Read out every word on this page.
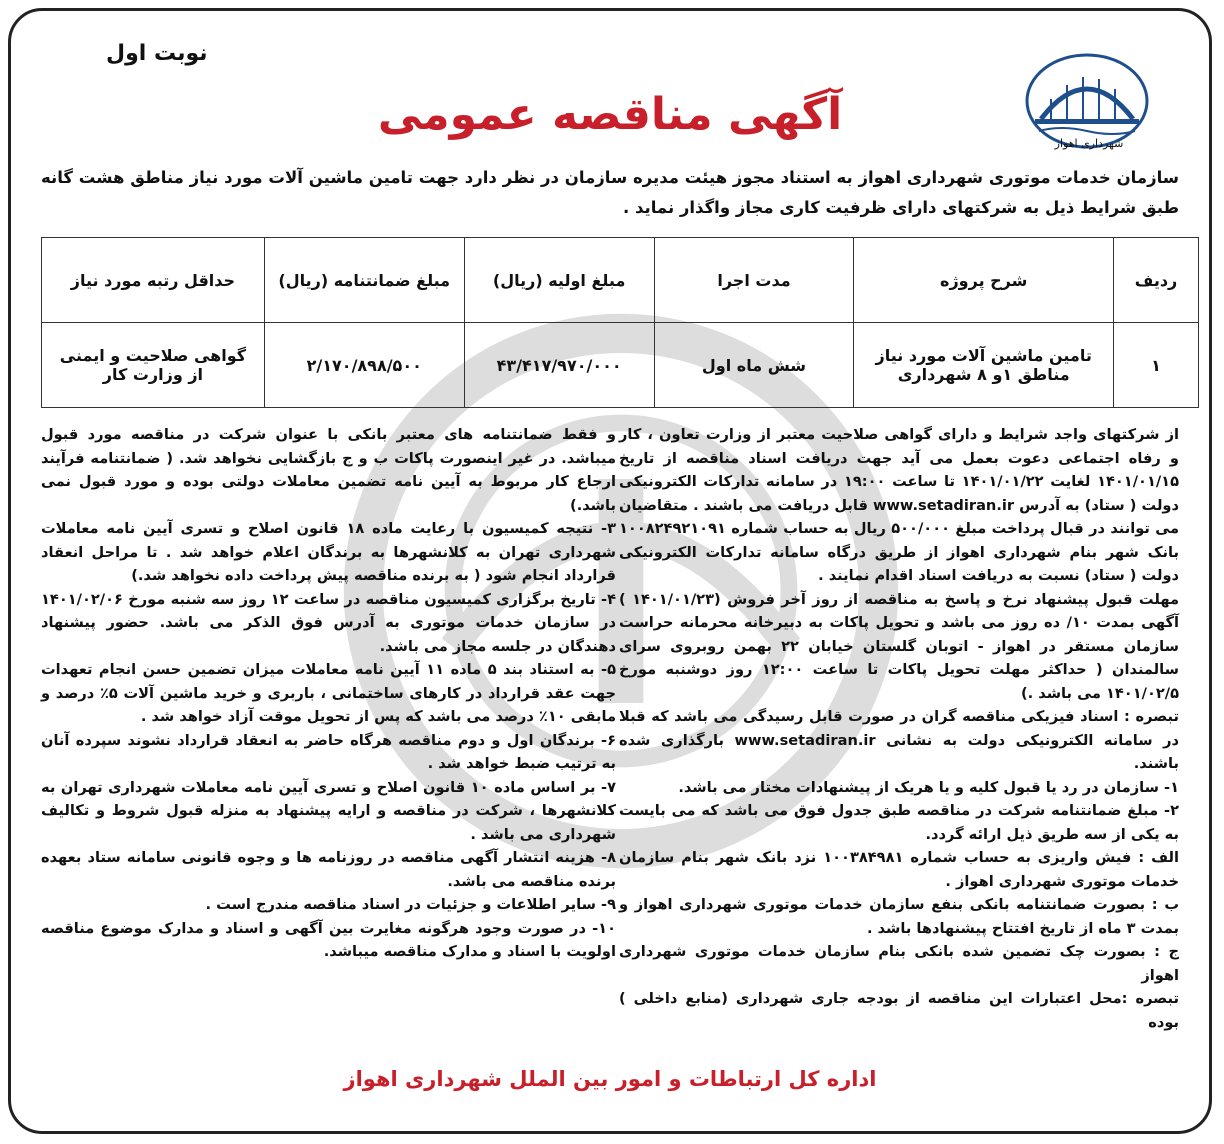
نوبت اول
شهرداری اهواز
آگهی مناقصه عمومی
سازمان خدمات موتوری شهرداری اهواز به استناد مجوز هیئت مدیره سازمان در نظر دارد جهت تامین ماشین آلات مورد نیاز مناطق هشت گانه طبق شرایط ذیل به شرکتهای دارای ظرفیت کاری مجاز واگذار نماید .
ردیف	شرح پروژه	مدت اجرا	مبلغ اولیه (ریال)	مبلغ ضمانتنامه (ریال)	حداقل رتبه مورد نیاز
۱	تامین ماشین آلات مورد نیاز مناطق ۱و ۸ شهرداری	شش ماه اول	۴۳/۴۱۷/۹۷۰/۰۰۰	۲/۱۷۰/۸۹۸/۵۰۰	گواهی صلاحیت و ایمنی از وزارت کار

از شرکتهای واجد شرایط و دارای گواهی صلاحیت معتبر از وزارت تعاون ، کار و رفاه اجتماعی دعوت بعمل می آید جهت دریافت اسناد مناقصه از تاریخ ۱۴۰۱/۰۱/۱۵ لغایت ۱۴۰۱/۰۱/۲۲ تا ساعت ۱۹:۰۰ در سامانه تدارکات الکترونیکی دولت ( ستاد) به آدرس www.setadiran.ir قابل دریافت می باشند . متقاضیان می توانند در قبال پرداخت مبلغ ۵۰۰/۰۰۰ ریال به حساب شماره ۱۰۰۸۲۴۹۲۱۰۹۱ بانک شهر بنام شهرداری اهواز از طریق درگاه سامانه تدارکات الکترونیکی دولت ( ستاد) نسبت به دریافت اسناد اقدام نمایند .

مهلت قبول پیشنهاد نرخ و پاسخ به مناقصه از روز آخر فروش (۱۴۰۱/۰۱/۲۳ ) آگهی بمدت ۱۰/ ده روز می باشد و تحویل پاکات به دبیرخانه محرمانه حراست سازمان مستقر در اهواز - اتوبان گلستان خیابان ۲۲ بهمن روبروی سرای سالمندان ( حداکثر مهلت تحویل پاکات تا ساعت ۱۲:۰۰ روز دوشنبه مورخ ۱۴۰۱/۰۲/۵ می باشد .)

تبصره : اسناد فیزیکی مناقصه گران در صورت قابل رسیدگی می باشد که قبلا در سامانه الکترونیکی دولت به نشانی www.setadiran.ir بارگذاری شده باشند.

۱- سازمان در رد یا قبول کلیه و یا هریک از پیشنهادات مختار می باشد.

۲- مبلغ ضمانتنامه شرکت در مناقصه طبق جدول فوق می باشد که می بایست به یکی از سه طریق ذیل ارائه گردد.

الف : فیش واریزی به حساب شماره ۱۰۰۳۸۴۹۸۱ نزد بانک شهر بنام سازمان خدمات موتوری شهرداری اهواز .

ب : بصورت ضمانتنامه بانکی بنفع سازمان خدمات موتوری شهرداری اهواز و بمدت ۳ ماه از تاریخ افتتاح پیشنهادها باشد .

ج : بصورت چک تضمین شده بانکی بنام سازمان خدمات موتوری شهرداری اهواز

تبصره :محل اعتبارات این مناقصه از بودجه جاری شهرداری (منابع داخلی ) بوده

و فقط ضمانتنامه های معتبر بانکی با عنوان شرکت در مناقصه مورد قبول میباشد. در غیر اینصورت پاکات ب و ج بازگشایی نخواهد شد. ( ضمانتنامه فرآیند ارجاع کار مربوط به آیین نامه تضمین معاملات دولتی بوده و مورد قبول نمی باشد.)

۳- نتیجه کمیسیون با رعایت ماده ۱۸ قانون اصلاح و تسری آیین نامه معاملات شهرداری تهران به کلانشهرها به برندگان اعلام خواهد شد . تا مراحل انعقاد قرارداد انجام شود ( به برنده مناقصه پیش پرداخت داده نخواهد شد.)

۴- تاریخ برگزاری کمیسیون مناقصه در ساعت ۱۲ روز سه شنبه مورخ ۱۴۰۱/۰۲/۰۶ در سازمان خدمات موتوری به آدرس فوق الذکر می باشد. حضور پیشنهاد دهندگان در جلسه مجاز می باشد.

۵- به استناد بند ۵ ماده ۱۱ آیین نامه معاملات میزان تضمین حسن انجام تعهدات جهت عقد قرارداد در کارهای ساختمانی ، باربری و خرید ماشین آلات ۵٪ درصد و مابقی ۱۰٪ درصد می باشد که پس از تحویل موقت آزاد خواهد شد .

۶- برندگان اول و دوم مناقصه هرگاه حاضر به انعقاد قرارداد نشوند سپرده آنان به ترتیب ضبط خواهد شد .

۷- بر اساس ماده ۱۰ قانون اصلاح و تسری آیین نامه معاملات شهرداری تهران به کلانشهرها ، شرکت در مناقصه و ارایه پیشنهاد به منزله قبول شروط و تکالیف شهرداری می باشد .

۸- هزینه انتشار آگهی مناقصه در روزنامه ها و وجوه قانونی سامانه ستاد بعهده برنده مناقصه می باشد.

۹- سایر اطلاعات و جزئیات در اسناد مناقصه مندرج است .

۱۰- در صورت وجود هرگونه مغایرت بین آگهی و اسناد و مدارک موضوع مناقصه اولویت با اسناد و مدارک مناقصه میباشد.

اداره کل ارتباطات و امور بین الملل شهرداری اهواز
